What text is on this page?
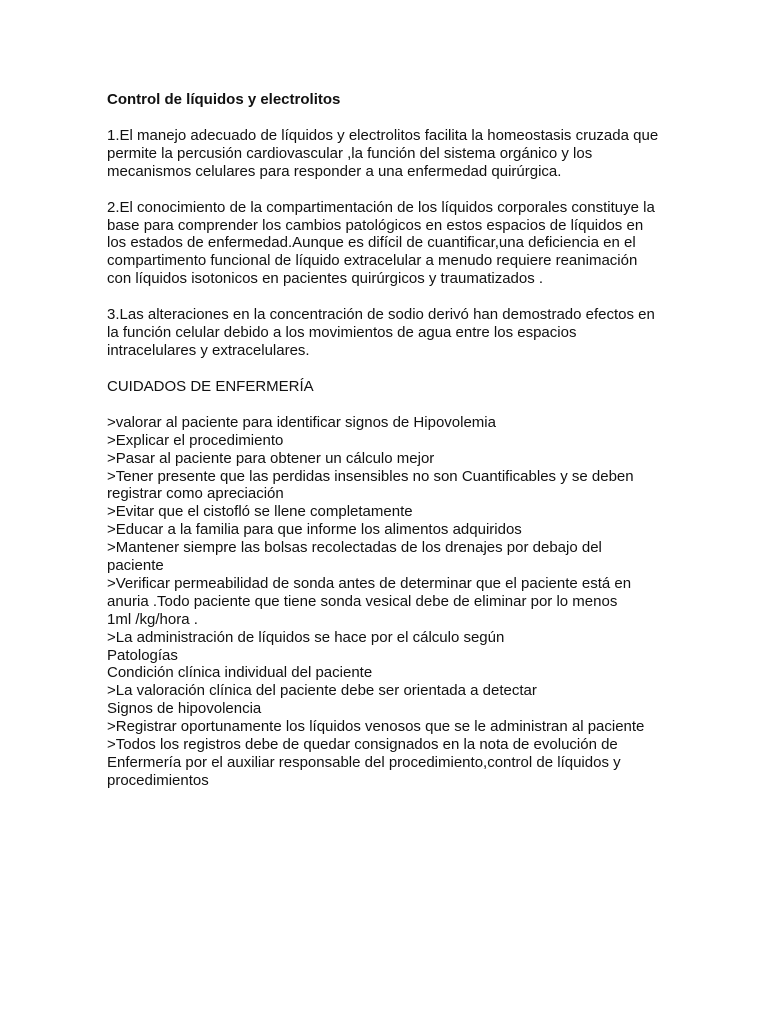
Control de líquidos y electrolitos

1.El manejo adecuado de líquidos y electrolitos facilita la homeostasis cruzada que
permite la percusión cardiovascular ,la función del sistema orgánico y los
mecanismos celulares para responder a una enfermedad quirúrgica.

2.El conocimiento de la compartimentación de los líquidos corporales constituye la
base para comprender los cambios patológicos en estos espacios de líquidos en
los estados de enfermedad.Aunque es difícil de cuantificar,una deficiencia en el
compartimento funcional de líquido extracelular a menudo requiere reanimación
con líquidos isotonicos en pacientes quirúrgicos y traumatizados .

3.Las alteraciones en la concentración de sodio derivó han demostrado efectos en
la función celular debido a los movimientos de agua entre los espacios
intracelulares y extracelulares.

CUIDADOS DE ENFERMERÍA

>valorar al paciente para identificar signos de Hipovolemia
>Explicar el procedimiento
>Pasar al paciente para obtener un cálculo mejor
>Tener presente que las perdidas insensibles no son Cuantificables y se deben
registrar como apreciación
>Evitar que el cistofló se llene completamente
>Educar a la familia para que informe los alimentos adquiridos
>Mantener siempre las bolsas recolectadas de los drenajes por debajo del
paciente
>Verificar permeabilidad de sonda antes de determinar que el paciente está en
anuria .Todo paciente que tiene sonda vesical debe de eliminar por lo menos
1ml /kg/hora .
>La administración de líquidos se hace por el cálculo según
Patologías
Condición clínica individual del paciente
>La valoración clínica del paciente debe ser orientada a detectar
Signos de hipovolencia
>Registrar oportunamente los líquidos venosos que se le administran al paciente
>Todos los registros debe de quedar consignados en la nota de evolución de
Enfermería por el auxiliar responsable del procedimiento,control de líquidos y
procedimientos
